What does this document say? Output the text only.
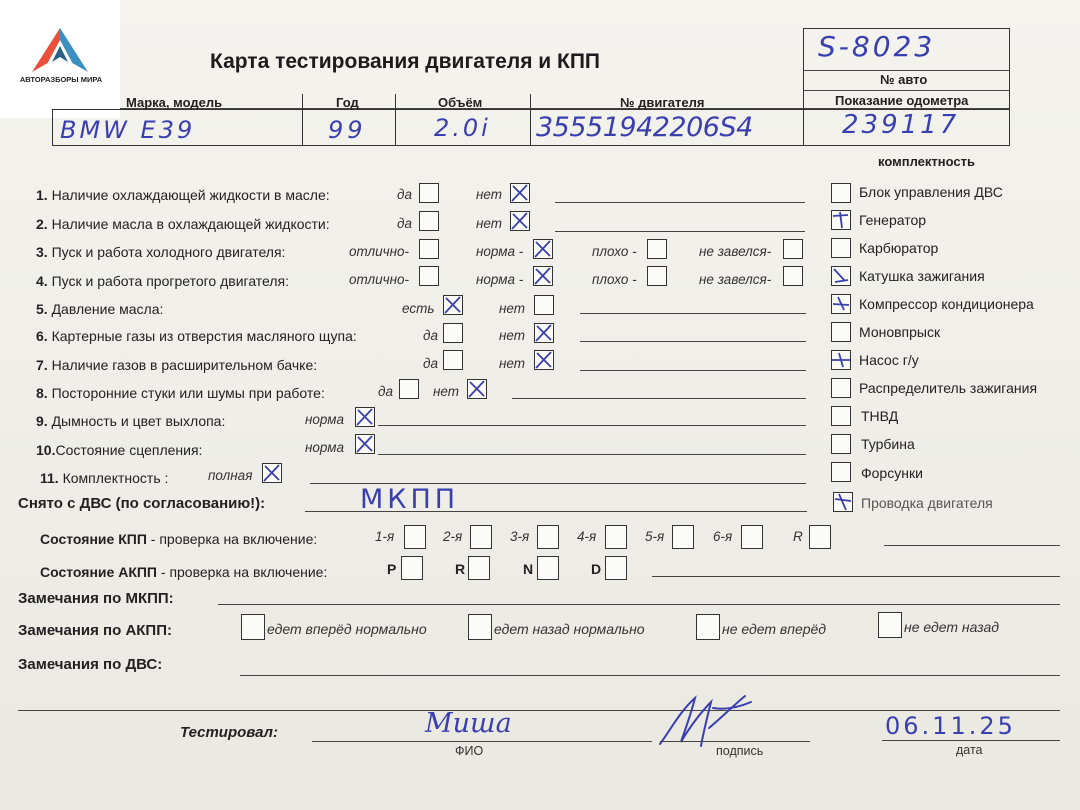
АВТОРАЗБОРЫ МИРА
Карта тестирования двигателя и КПП	S-8023
№ авто
Марка, модель	Год	Объём	№ двигателя	Показание одометра
BMW E39	99	2.0i 35551942206S4	239117
комплектность
1. Наличие охлаждающей жидкости в масле:	да	нет
2. Наличие масла в охлаждающей жидкости:	да	нет
3. Пуск и работа холодного двигателя:	отлично-	норма -	плохо -	не завелся-
4. Пуск и работа прогретого двигателя:	отлично-	норма -	плохо -	не завелся-
5. Давление масла:	есть	нет
6. Картерные газы из отверстия масляного щупа:	да	нет
7. Наличие газов в расширительном бачке:	да	нет
8. Посторонние стуки или шумы при работе:	да	нет
9. Дымность и цвет выхлопа:	норма
10.Состояние сцепления:	норма
11. Комплектность :	полная
Блок управления ДВС
Генератор
Карбюратор
Катушка зажигания
Компрессор кондиционера
Моновпрыск
Насос г/у
Распределитель зажигания
ТНВД
Турбина
Форсунки
Проводка двигателя
Снято с ДВС (по согласованию!):	МКПП
Состояние КПП - проверка на включение:	1-я	2-я	3-я	4-я	5-я	6-я	R
Состояние АКПП - проверка на включение:	P	R	N	D
Замечания по МКПП:
Замечания по АКПП:	едет вперёд нормально	едет назад нормально	не едет вперёд	не едет назад
Замечания по ДВС:
Тестировал:	Миша
ФИО	подпись
06.11.25
дата
